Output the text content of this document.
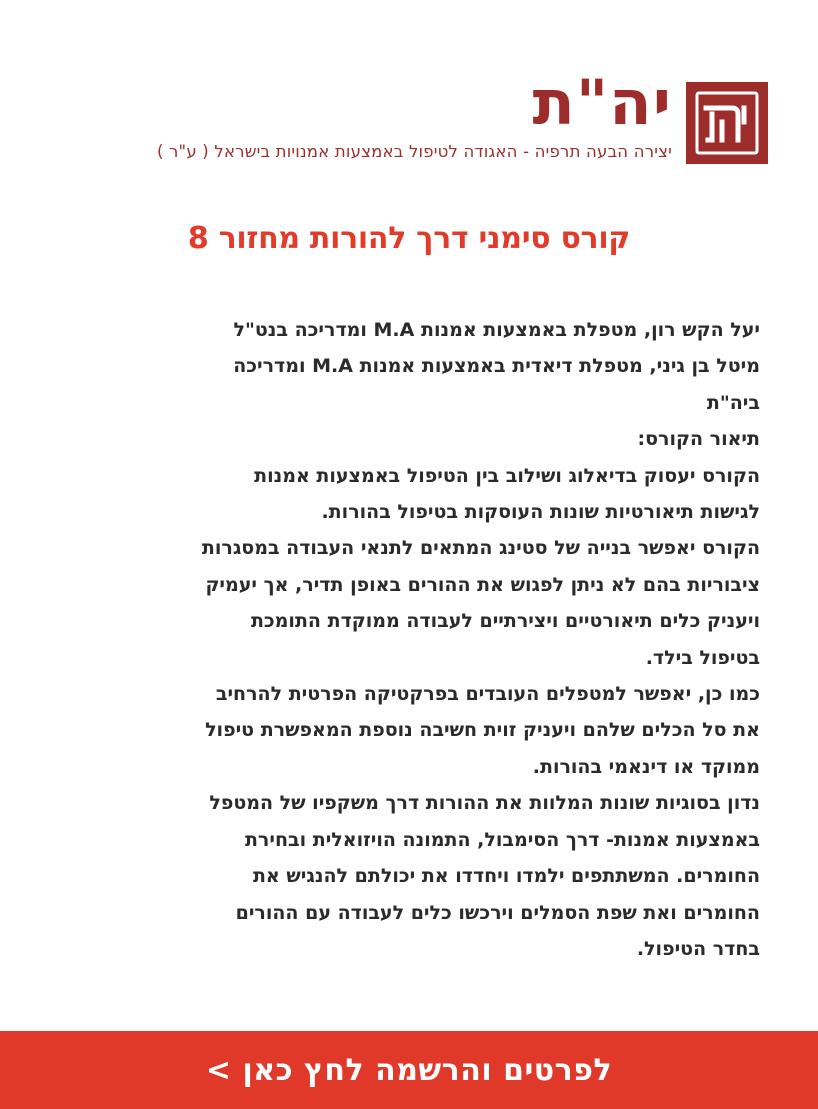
יה"ת
יצירה הבעה תרפיה - האגודה לטיפול באמצעות אמנויות בישראל ( ע"ר )
קורס סימני דרך להורות מחזור 8

יעל הקש רון, מטפלת באמצעות אמנות M.A ומדריכה בנט"ל

מיטל בן גיני, מטפלת דיאדית באמצעות אמנות M.A ומדריכה

ביה"ת

תיאור הקורס:

הקורס יעסוק בדיאלוג ושילוב בין הטיפול באמצעות אמנות

לגישות תיאורטיות שונות העוסקות בטיפול בהורות.

הקורס יאפשר בנייה של סטינג המתאים לתנאי העבודה במסגרות

ציבוריות בהם לא ניתן לפגוש את ההורים באופן תדיר, אך יעמיק

ויעניק כלים תיאורטיים ויצירתיים לעבודה ממוקדת התומכת

בטיפול בילד.

כמו כן, יאפשר למטפלים העובדים בפרקטיקה הפרטית להרחיב

את סל הכלים שלהם ויעניק זוית חשיבה נוספת המאפשרת טיפול

ממוקד או דינאמי בהורות.

נדון בסוגיות שונות המלוות את ההורות דרך משקפיו של המטפל

באמצעות אמנות- דרך הסימבול, התמונה הויזואלית ובחירת

החומרים. המשתתפים ילמדו ויחדדו את יכולתם להנגיש את

החומרים ואת שפת הסמלים וירכשו כלים לעבודה עם ההורים

בחדר הטיפול.

לפרטים והרשמה לחץ כאן >
